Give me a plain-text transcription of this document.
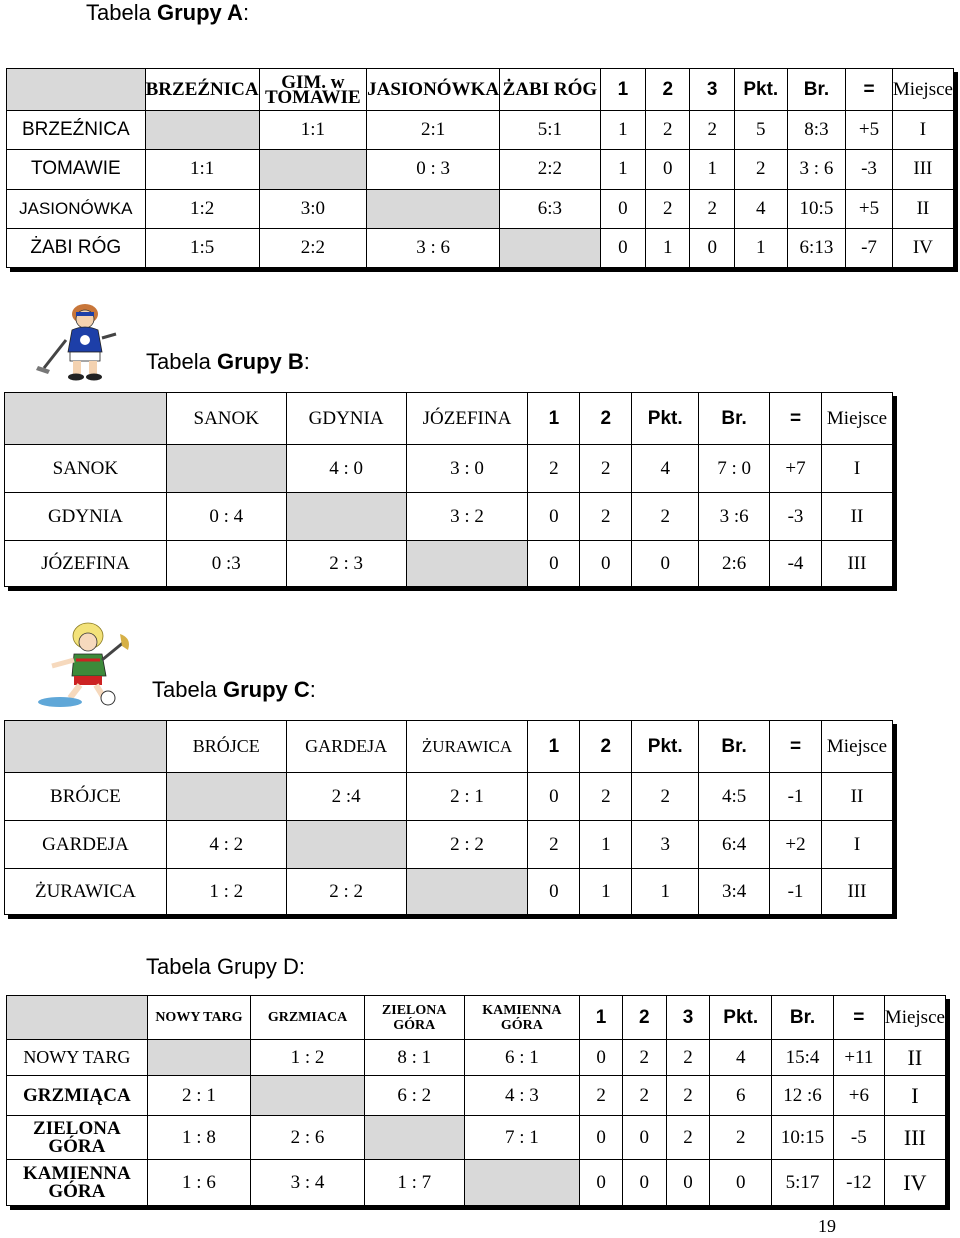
Tabela Grupy A:
	BRZEŹNICA	GIM. w TOMAWIE	JASIONÓWKA	ŻABI RÓG	1	2	3	Pkt.	Br.	=	Miejsce
BRZEŹNICA		1:1	2:1	5:1	1	2	2	5	8:3	+5	I
TOMAWIE	1:1		0 : 3	2:2	1	0	1	2	3 : 6	-3	III
JASIONÓWKA	1:2	3:0		6:3	0	2	2	4	10:5	+5	II
ŻABI RÓG	1:5	2:2	3 : 6		0	1	0	1	6:13	-7	IV
Tabela Grupy B:
	SANOK	GDYNIA	JÓZEFINA	1	2	Pkt.	Br.	=	Miejsce
SANOK		4 : 0	3 : 0	2	2	4	7 : 0	+7	I
GDYNIA	0 : 4		3 : 2	0	2	2	3 :6	-3	II
JÓZEFINA	0 :3	2 : 3		0	0	0	2:6	-4	III
Tabela Grupy C:
	BRÓJCE	GARDEJA	ŻURAWICA	1	2	Pkt.	Br.	=	Miejsce
BRÓJCE		2 :4	2 : 1	0	2	2	4:5	-1	II
GARDEJA	4 : 2		2 : 2	2	1	3	6:4	+2	I
ŻURAWICA	1 : 2	2 : 2		0	1	1	3:4	-1	III
Tabela Grupy D:
	NOWY TARG	GRZMIACA	ZIELONA GÓRA	KAMIENNA GÓRA	1	2	3	Pkt.	Br.	=	Miejsce
NOWY TARG		1 : 2	8 : 1	6 : 1	0	2	2	4	15:4	+11	II
GRZMIĄCA	2 : 1		6 : 2	4 : 3	2	2	2	6	12 :6	+6	I
ZIELONA GÓRA	1 : 8	2 : 6		7 : 1	0	0	2	2	10:15	-5	III
KAMIENNA GÓRA	1 : 6	3 : 4	1 : 7		0	0	0	0	5:17	-12	IV
19
